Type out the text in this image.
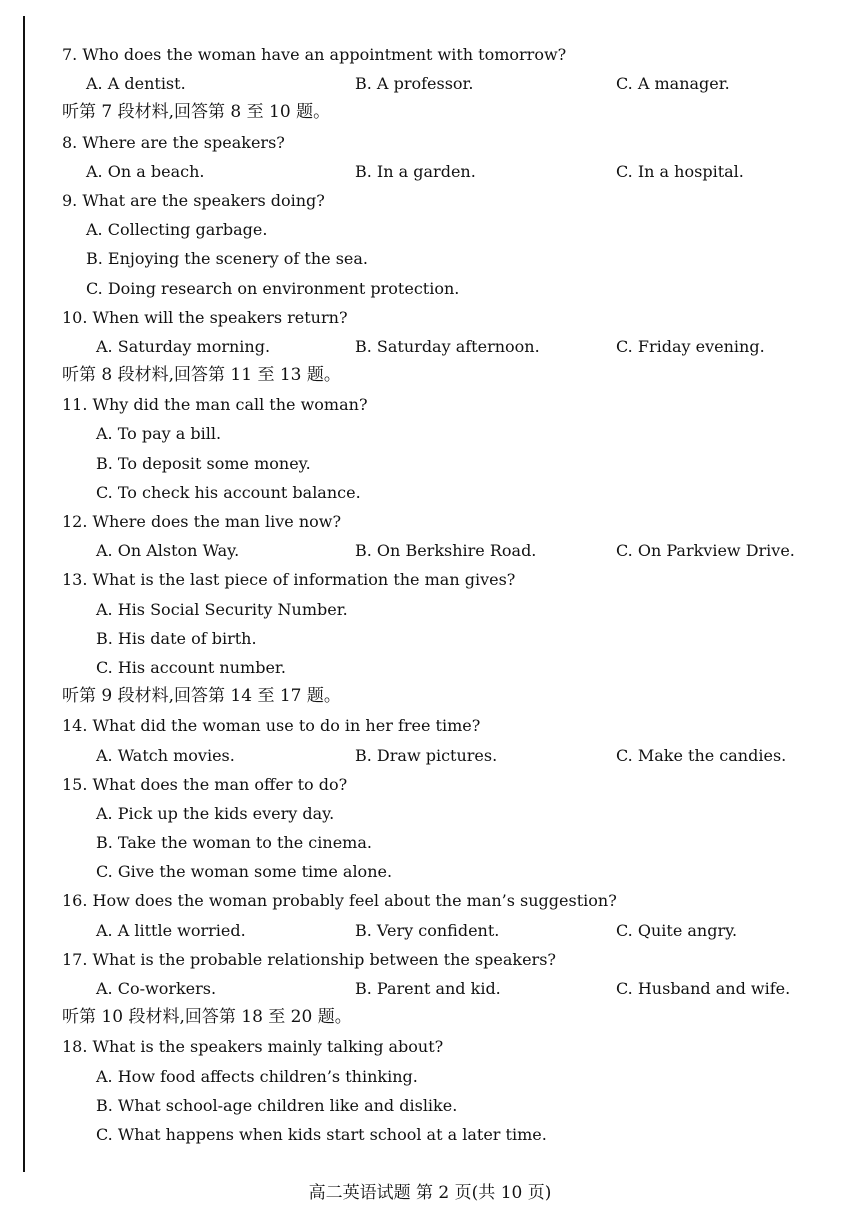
7. Who does the woman have an appointment with tomorrow?
A. A dentist.	B. A professor.	C. A manager.
听第 7 段材料,回答第 8 至 10 题。
8. Where are the speakers?
A. On a beach.	B. In a garden.	C. In a hospital.
9. What are the speakers doing?
A. Collecting garbage.
B. Enjoying the scenery of the sea.
C. Doing research on environment protection.
10. When will the speakers return?
A. Saturday morning.	B. Saturday afternoon.	C. Friday evening.
听第 8 段材料,回答第 11 至 13 题。
11. Why did the man call the woman?
A. To pay a bill.
B. To deposit some money.
C. To check his account balance.
12. Where does the man live now?
A. On Alston Way.	B. On Berkshire Road.	C. On Parkview Drive.
13. What is the last piece of information the man gives?
A. His Social Security Number.
B. His date of birth.
C. His account number.
听第 9 段材料,回答第 14 至 17 题。
14. What did the woman use to do in her free time?
A. Watch movies.	B. Draw pictures.	C. Make the candies.
15. What does the man offer to do?
A. Pick up the kids every day.
B. Take the woman to the cinema.
C. Give the woman some time alone.
16. How does the woman probably feel about the man’s suggestion?
A. A little worried.	B. Very confident.	C. Quite angry.
17. What is the probable relationship between the speakers?
A. Co-workers.	B. Parent and kid.	C. Husband and wife.
听第 10 段材料,回答第 18 至 20 题。
18. What is the speakers mainly talking about?
A. How food affects children’s thinking.
B. What school-age children like and dislike.
C. What happens when kids start school at a later time.
高二英语试题 第 2 页(共 10 页)
